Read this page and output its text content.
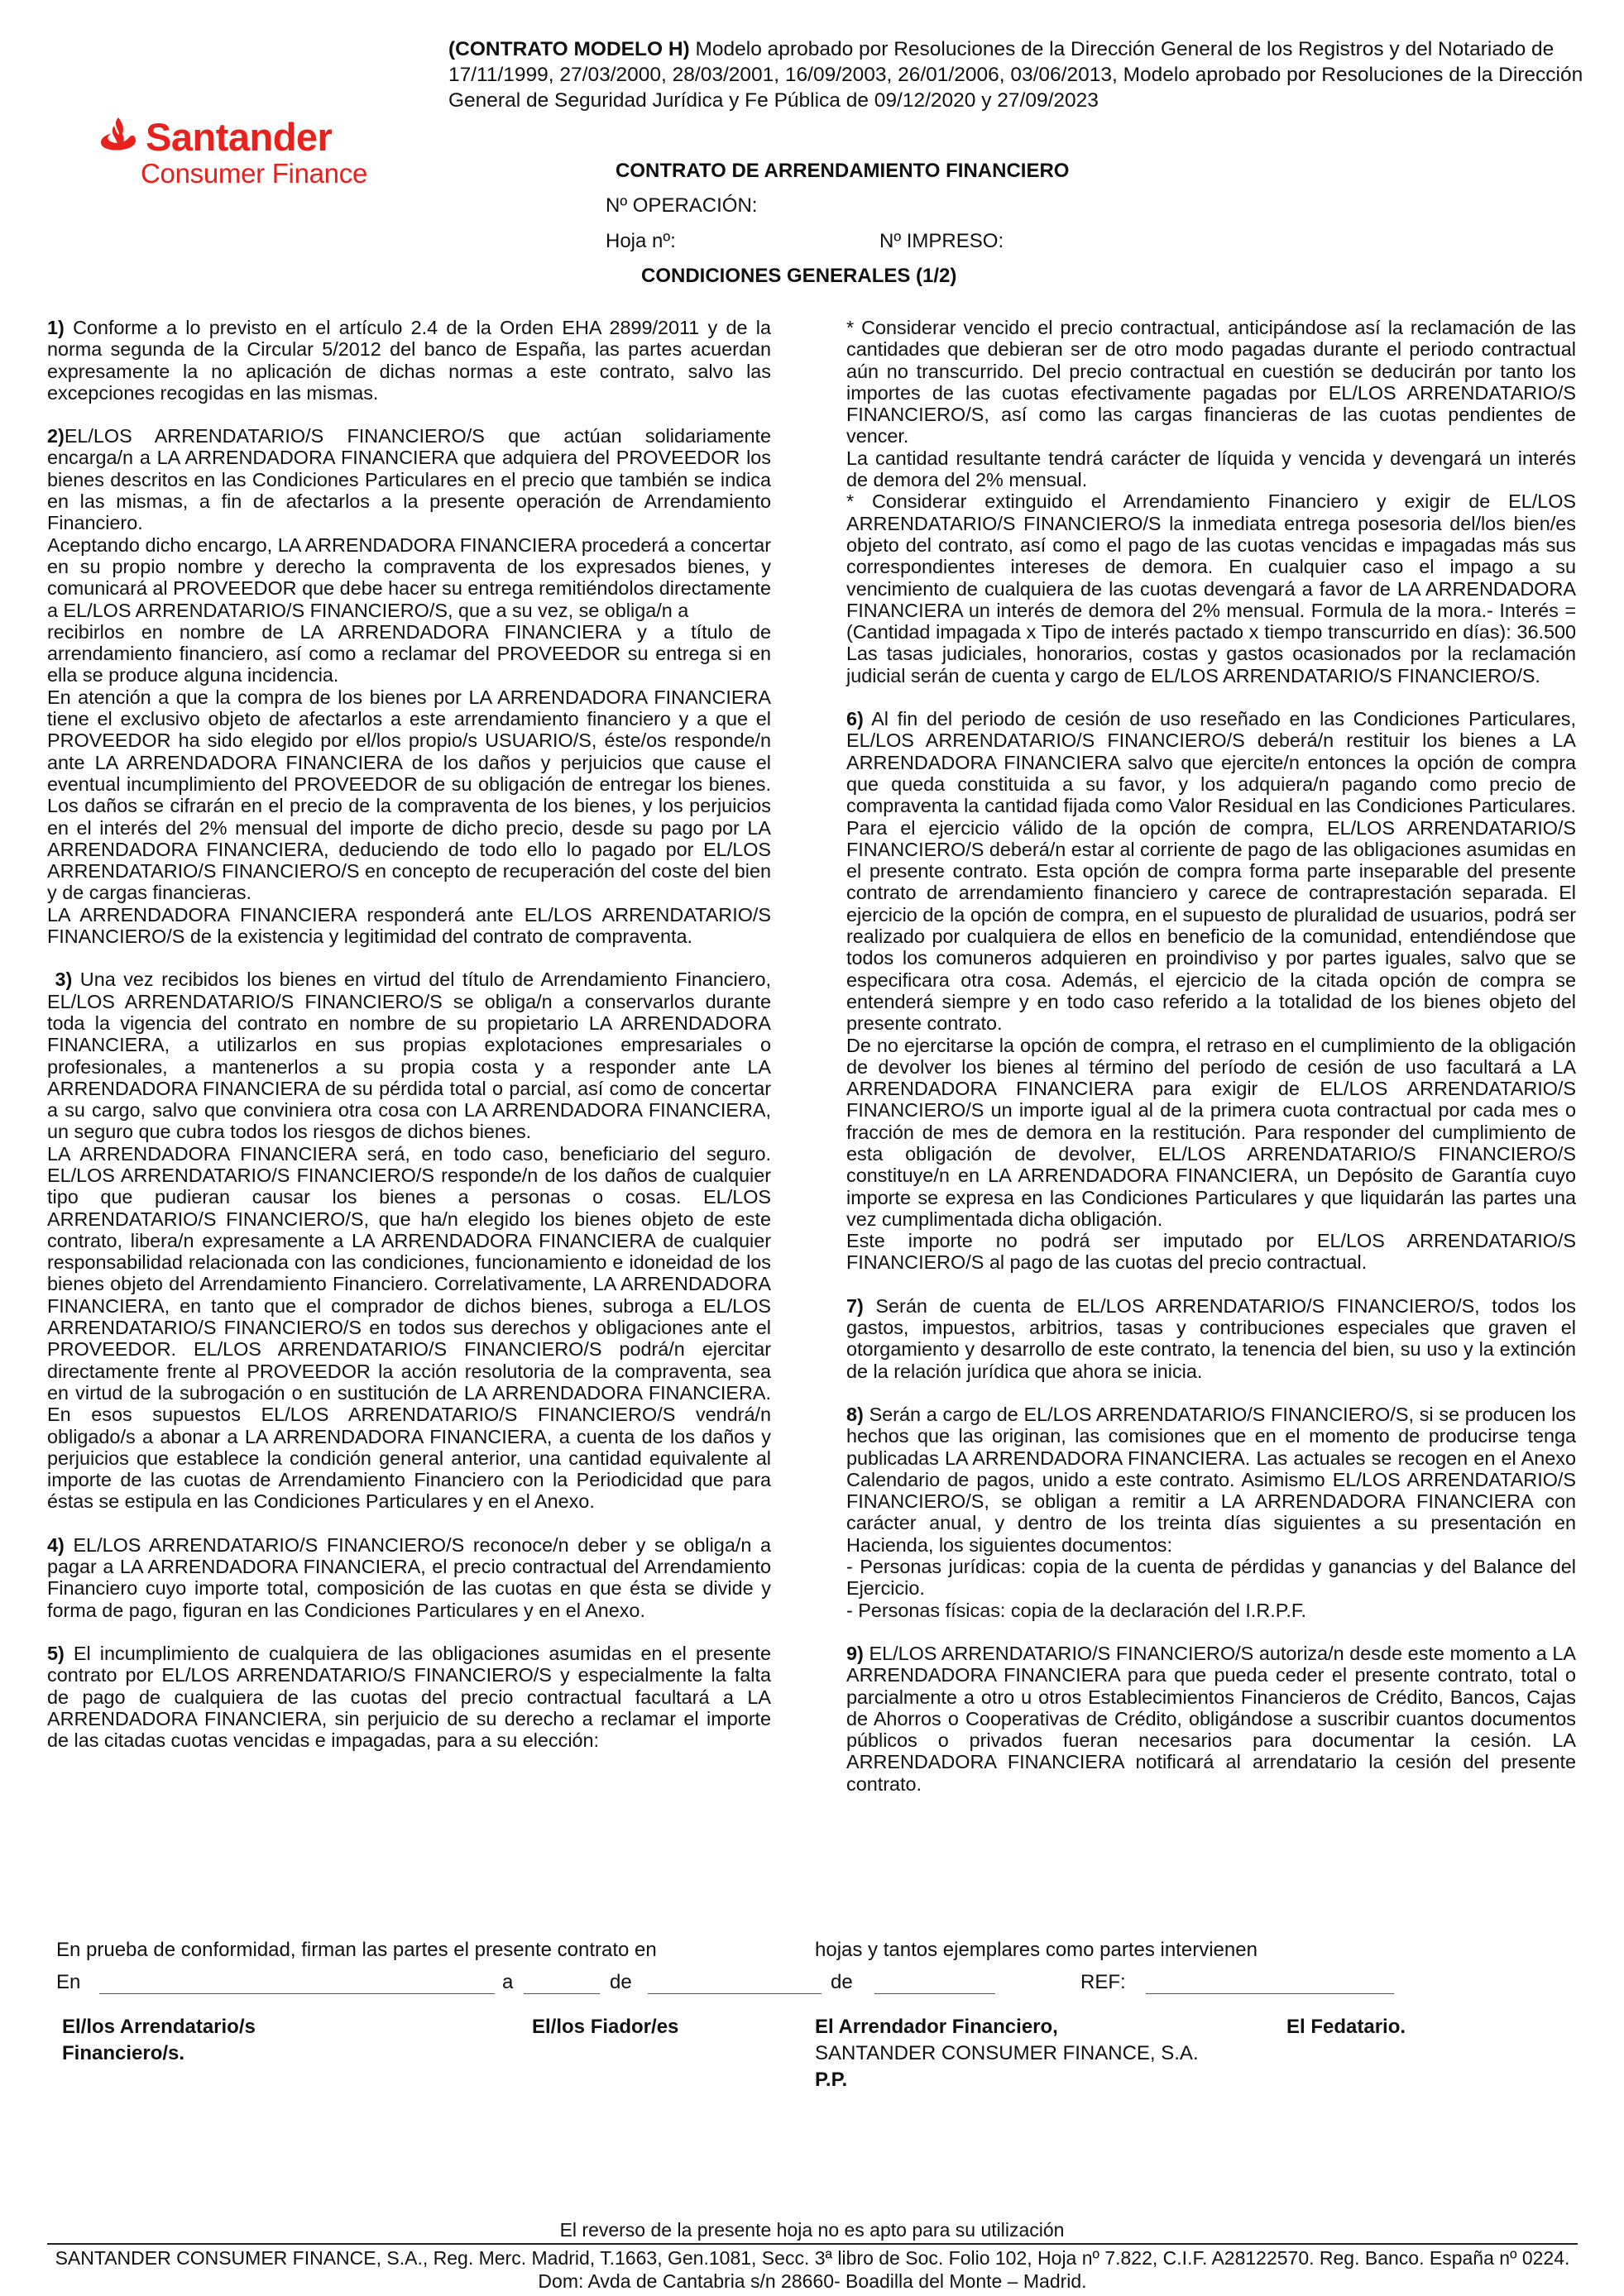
Santander
Consumer Finance
(CONTRATO MODELO H) Modelo aprobado por Resoluciones de la Dirección General de los Registros y del Notariado de 17/11/1999, 27/03/2000, 28/03/2001, 16/09/2003, 26/01/2006, 03/06/2013, Modelo aprobado por Resoluciones de la Dirección General de Seguridad Jurídica y Fe Pública de 09/12/2020 y 27/09/2023
CONTRATO DE ARRENDAMIENTO FINANCIERO
Nº OPERACIÓN:
Hoja nº:	Nº IMPRESO:
CONDICIONES GENERALES (1/2)

1) Conforme a lo previsto en el artículo 2.4 de la Orden EHA 2899/2011 y de la norma segunda de la Circular 5/2012 del banco de España, las partes acuerdan expresamente la no aplicación de dichas normas a este contrato, salvo las excepciones recogidas en las mismas.

2)EL/LOS ARRENDATARIO/S FINANCIERO/S que actúan solidariamente encarga/n a LA ARRENDADORA FINANCIERA que adquiera del PROVEEDOR los bienes descritos en las Condiciones Particulares en el precio que también se indica en las mismas, a fin de afectarlos a la presente operación de Arrendamiento Financiero.

Aceptando dicho encargo, LA ARRENDADORA FINANCIERA procederá a concertar en su propio nombre y derecho la compraventa de los expresados bienes, y comunicará al PROVEEDOR que debe hacer su entrega remitiéndolos directamente a EL/LOS ARRENDATARIO/S FINANCIERO/S, que a su vez, se obliga/n a

recibirlos en nombre de LA ARRENDADORA FINANCIERA y a título de arrendamiento financiero, así como a reclamar del PROVEEDOR su entrega si en ella se produce alguna incidencia.

En atención a que la compra de los bienes por LA ARRENDADORA FINANCIERA tiene el exclusivo objeto de afectarlos a este arrendamiento financiero y a que el PROVEEDOR ha sido elegido por el/los propio/s USUARIO/S, éste/os responde/n ante LA ARRENDADORA FINANCIERA de los daños y perjuicios que cause el eventual incumplimiento del PROVEEDOR de su obligación de entregar los bienes. Los daños se cifrarán en el precio de la compraventa de los bienes, y los perjuicios en el interés del 2% mensual del importe de dicho precio, desde su pago por LA ARRENDADORA FINANCIERA, deduciendo de todo ello lo pagado por EL/LOS ARRENDATARIO/S FINANCIERO/S en concepto de recuperación del coste del bien y de cargas financieras.

LA ARRENDADORA FINANCIERA responderá ante EL/LOS ARRENDATARIO/S FINANCIERO/S de la existencia y legitimidad del contrato de compraventa.

3) Una vez recibidos los bienes en virtud del título de Arrendamiento Financiero, EL/LOS ARRENDATARIO/S FINANCIERO/S se obliga/n a conservarlos durante toda la vigencia del contrato en nombre de su propietario LA ARRENDADORA FINANCIERA, a utilizarlos en sus propias explotaciones empresariales o profesionales, a mantenerlos a su propia costa y a responder ante LA ARRENDADORA FINANCIERA de su pérdida total o parcial, así como de concertar a su cargo, salvo que conviniera otra cosa con LA ARRENDADORA FINANCIERA, un seguro que cubra todos los riesgos de dichos bienes.

LA ARRENDADORA FINANCIERA será, en todo caso, beneficiario del seguro. EL/LOS ARRENDATARIO/S FINANCIERO/S responde/n de los daños de cualquier tipo que pudieran causar los bienes a personas o cosas. EL/LOS ARRENDATARIO/S FINANCIERO/S, que ha/n elegido los bienes objeto de este contrato, libera/n expresamente a LA ARRENDADORA FINANCIERA de cualquier responsabilidad relacionada con las condiciones, funcionamiento e idoneidad de los bienes objeto del Arrendamiento Financiero. Correlativamente, LA ARRENDADORA FINANCIERA, en tanto que el comprador de dichos bienes, subroga a EL/LOS ARRENDATARIO/S FINANCIERO/S en todos sus derechos y obligaciones ante el PROVEEDOR. EL/LOS ARRENDATARIO/S FINANCIERO/S podrá/n ejercitar directamente frente al PROVEEDOR la acción resolutoria de la compraventa, sea en virtud de la subrogación o en sustitución de LA ARRENDADORA FINANCIERA. En esos supuestos EL/LOS ARRENDATARIO/S FINANCIERO/S vendrá/n obligado/s a abonar a LA ARRENDADORA FINANCIERA, a cuenta de los daños y perjuicios que establece la condición general anterior, una cantidad equivalente al importe de las cuotas de Arrendamiento Financiero con la Periodicidad que para éstas se estipula en las Condiciones Particulares y en el Anexo.

4) EL/LOS ARRENDATARIO/S FINANCIERO/S reconoce/n deber y se obliga/n a pagar a LA ARRENDADORA FINANCIERA, el precio contractual del Arrendamiento Financiero cuyo importe total, composición de las cuotas en que ésta se divide y forma de pago, figuran en las Condiciones Particulares y en el Anexo.

5) El incumplimiento de cualquiera de las obligaciones asumidas en el presente contrato por EL/LOS ARRENDATARIO/S FINANCIERO/S y especialmente la falta de pago de cualquiera de las cuotas del precio contractual facultará a LA ARRENDADORA FINANCIERA, sin perjuicio de su derecho a reclamar el importe de las citadas cuotas vencidas e impagadas, para a su elección:

* Considerar vencido el precio contractual, anticipándose así la reclamación de las cantidades que debieran ser de otro modo pagadas durante el periodo contractual aún no transcurrido. Del precio contractual en cuestión se deducirán por tanto los importes de las cuotas efectivamente pagadas por EL/LOS ARRENDATARIO/S FINANCIERO/S, así como las cargas financieras de las cuotas pendientes de vencer.

La cantidad resultante tendrá carácter de líquida y vencida y devengará un interés de demora del 2% mensual.

* Considerar extinguido el Arrendamiento Financiero y exigir de EL/LOS ARRENDATARIO/S FINANCIERO/S la inmediata entrega posesoria del/los bien/es objeto del contrato, así como el pago de las cuotas vencidas e impagadas más sus correspondientes intereses de demora. En cualquier caso el impago a su vencimiento de cualquiera de las cuotas devengará a favor de LA ARRENDADORA FINANCIERA un interés de demora del 2% mensual. Formula de la mora.- Interés = (Cantidad impagada x Tipo de interés pactado x tiempo transcurrido en días): 36.500 Las tasas judiciales, honorarios, costas y gastos ocasionados por la reclamación judicial serán de cuenta y cargo de EL/LOS ARRENDATARIO/S FINANCIERO/S.

6) Al fin del periodo de cesión de uso reseñado en las Condiciones Particulares, EL/LOS ARRENDATARIO/S FINANCIERO/S deberá/n restituir los bienes a LA ARRENDADORA FINANCIERA salvo que ejercite/n entonces la opción de compra que queda constituida a su favor, y los adquiera/n pagando como precio de compraventa la cantidad fijada como Valor Residual en las Condiciones Particulares. Para el ejercicio válido de la opción de compra, EL/LOS ARRENDATARIO/S FINANCIERO/S deberá/n estar al corriente de pago de las obligaciones asumidas en el presente contrato. Esta opción de compra forma parte inseparable del presente contrato de arrendamiento financiero y carece de contraprestación separada. El ejercicio de la opción de compra, en el supuesto de pluralidad de usuarios, podrá ser realizado por cualquiera de ellos en beneficio de la comunidad, entendiéndose que todos los comuneros adquieren en proindiviso y por partes iguales, salvo que se especificara otra cosa. Además, el ejercicio de la citada opción de compra se entenderá siempre y en todo caso referido a la totalidad de los bienes objeto del presente contrato.

De no ejercitarse la opción de compra, el retraso en el cumplimiento de la obligación de devolver los bienes al término del período de cesión de uso facultará a LA ARRENDADORA FINANCIERA para exigir de EL/LOS ARRENDATARIO/S FINANCIERO/S un importe igual al de la primera cuota contractual por cada mes o fracción de mes de demora en la restitución. Para responder del cumplimiento de esta obligación de devolver, EL/LOS ARRENDATARIO/S FINANCIERO/S constituye/n en LA ARRENDADORA FINANCIERA, un Depósito de Garantía cuyo importe se expresa en las Condiciones Particulares y que liquidarán las partes una vez cumplimentada dicha obligación.

Este importe no podrá ser imputado por EL/LOS ARRENDATARIO/S FINANCIERO/S al pago de las cuotas del precio contractual.

7) Serán de cuenta de EL/LOS ARRENDATARIO/S FINANCIERO/S, todos los gastos, impuestos, arbitrios, tasas y contribuciones especiales que graven el otorgamiento y desarrollo de este contrato, la tenencia del bien, su uso y la extinción de la relación jurídica que ahora se inicia.

8) Serán a cargo de EL/LOS ARRENDATARIO/S FINANCIERO/S, si se producen los hechos que las originan, las comisiones que en el momento de producirse tenga publicadas LA ARRENDADORA FINANCIERA. Las actuales se recogen en el Anexo Calendario de pagos, unido a este contrato. Asimismo EL/LOS ARRENDATARIO/S FINANCIERO/S, se obligan a remitir a LA ARRENDADORA FINANCIERA con carácter anual, y dentro de los treinta días siguientes a su presentación en Hacienda, los siguientes documentos:

- Personas jurídicas: copia de la cuenta de pérdidas y ganancias y del Balance del Ejercicio.

- Personas físicas: copia de la declaración del I.R.P.F.

9) EL/LOS ARRENDATARIO/S FINANCIERO/S autoriza/n desde este momento a LA ARRENDADORA FINANCIERA para que pueda ceder el presente contrato, total o parcialmente a otro u otros Establecimientos Financieros de Crédito, Bancos, Cajas de Ahorros o Cooperativas de Crédito, obligándose a suscribir cuantos documentos públicos o privados fueran necesarios para documentar la cesión. LA ARRENDADORA FINANCIERA notificará al arrendatario la cesión del presente contrato.

En prueba de conformidad, firman las partes el presente contrato en	hojas y tantos ejemplares como partes intervienen
En	a	de	de	REF:
El/los Arrendatario/s
Financiero/s.
El/los Fiador/es	El Arrendador Financiero,
SANTANDER CONSUMER FINANCE, S.A.
P.P.
El Fedatario.
El reverso de la presente hoja no es apto para su utilización
SANTANDER CONSUMER FINANCE, S.A., Reg. Merc. Madrid, T.1663, Gen.1081, Secc. 3ª libro de Soc. Folio 102, Hoja nº 7.822, C.I.F. A28122570. Reg. Banco. España nº 0224. Dom: Avda de Cantabria s/n 28660- Boadilla del Monte – Madrid.
